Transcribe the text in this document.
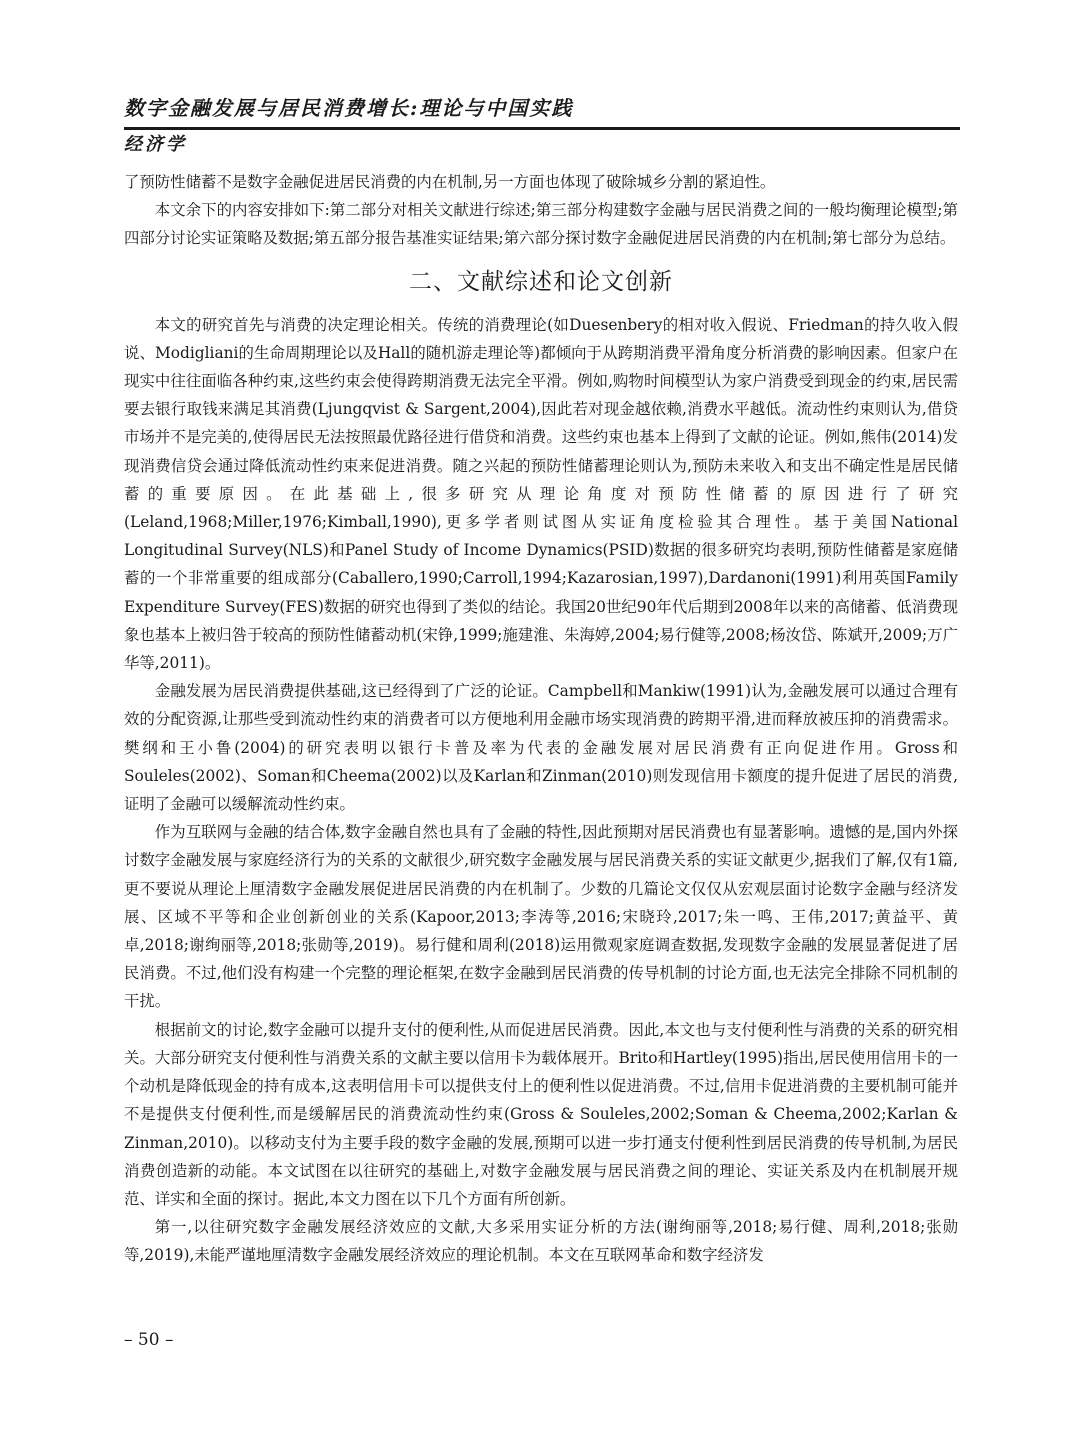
数字金融发展与居民消费增长:理论与中国实践
经济学

了预防性储蓄不是数字金融促进居民消费的内在机制,另一方面也体现了破除城乡分割的紧迫性。

本文余下的内容安排如下:第二部分对相关文献进行综述;第三部分构建数字金融与居民消费之间的一般均衡理论模型;第四部分讨论实证策略及数据;第五部分报告基准实证结果;第六部分探讨数字金融促进居民消费的内在机制;第七部分为总结。

二、文献综述和论文创新

本文的研究首先与消费的决定理论相关。传统的消费理论(如Duesenbery的相对收入假说、Friedman的持久收入假说、Modigliani的生命周期理论以及Hall的随机游走理论等)都倾向于从跨期消费平滑角度分析消费的影响因素。但家户在现实中往往面临各种约束,这些约束会使得跨期消费无法完全平滑。例如,购物时间模型认为家户消费受到现金的约束,居民需要去银行取钱来满足其消费(Ljungqvist & Sargent,2004),因此若对现金越依赖,消费水平越低。流动性约束则认为,借贷市场并不是完美的,使得居民无法按照最优路径进行借贷和消费。这些约束也基本上得到了文献的论证。例如,熊伟(2014)发现消费信贷会通过降低流动性约束来促进消费。随之兴起的预防性储蓄理论则认为,预防未来收入和支出不确定性是居民储蓄的重要原因。在此基础上,很多研究从理论角度对预防性储蓄的原因进行了研究(Leland,1968;Miller,1976;Kimball,1990),更多学者则试图从实证角度检验其合理性。基于美国National Longitudinal Survey(NLS)和Panel Study of Income Dynamics(PSID)数据的很多研究均表明,预防性储蓄是家庭储蓄的一个非常重要的组成部分(Caballero,1990;Carroll,1994;Kazarosian,1997),Dardanoni(1991)利用英国Family Expenditure Survey(FES)数据的研究也得到了类似的结论。我国20世纪90年代后期到2008年以来的高储蓄、低消费现象也基本上被归咎于较高的预防性储蓄动机(宋铮,1999;施建淮、朱海婷,2004;易行健等,2008;杨汝岱、陈斌开,2009;万广华等,2011)。

金融发展为居民消费提供基础,这已经得到了广泛的论证。Campbell和Mankiw(1991)认为,金融发展可以通过合理有效的分配资源,让那些受到流动性约束的消费者可以方便地利用金融市场实现消费的跨期平滑,进而释放被压抑的消费需求。樊纲和王小鲁(2004)的研究表明以银行卡普及率为代表的金融发展对居民消费有正向促进作用。Gross和Souleles(2002)、Soman和Cheema(2002)以及Karlan和Zinman(2010)则发现信用卡额度的提升促进了居民的消费,证明了金融可以缓解流动性约束。

作为互联网与金融的结合体,数字金融自然也具有了金融的特性,因此预期对居民消费也有显著影响。遗憾的是,国内外探讨数字金融发展与家庭经济行为的关系的文献很少,研究数字金融发展与居民消费关系的实证文献更少,据我们了解,仅有1篇,更不要说从理论上厘清数字金融发展促进居民消费的内在机制了。少数的几篇论文仅仅从宏观层面讨论数字金融与经济发展、区域不平等和企业创新创业的关系(Kapoor,2013;李涛等,2016;宋晓玲,2017;朱一鸣、王伟,2017;黄益平、黄卓,2018;谢绚丽等,2018;张勋等,2019)。易行健和周利(2018)运用微观家庭调查数据,发现数字金融的发展显著促进了居民消费。不过,他们没有构建一个完整的理论框架,在数字金融到居民消费的传导机制的讨论方面,也无法完全排除不同机制的干扰。

根据前文的讨论,数字金融可以提升支付的便利性,从而促进居民消费。因此,本文也与支付便利性与消费的关系的研究相关。大部分研究支付便利性与消费关系的文献主要以信用卡为载体展开。Brito和Hartley(1995)指出,居民使用信用卡的一个动机是降低现金的持有成本,这表明信用卡可以提供支付上的便利性以促进消费。不过,信用卡促进消费的主要机制可能并不是提供支付便利性,而是缓解居民的消费流动性约束(Gross & Souleles,2002;Soman & Cheema,2002;Karlan & Zinman,2010)。以移动支付为主要手段的数字金融的发展,预期可以进一步打通支付便利性到居民消费的传导机制,为居民消费创造新的动能。本文试图在以往研究的基础上,对数字金融发展与居民消费之间的理论、实证关系及内在机制展开规范、详实和全面的探讨。据此,本文力图在以下几个方面有所创新。

第一,以往研究数字金融发展经济效应的文献,大多采用实证分析的方法(谢绚丽等,2018;易行健、周利,2018;张勋等,2019),未能严谨地厘清数字金融发展经济效应的理论机制。本文在互联网革命和数字经济发

– 50 –
